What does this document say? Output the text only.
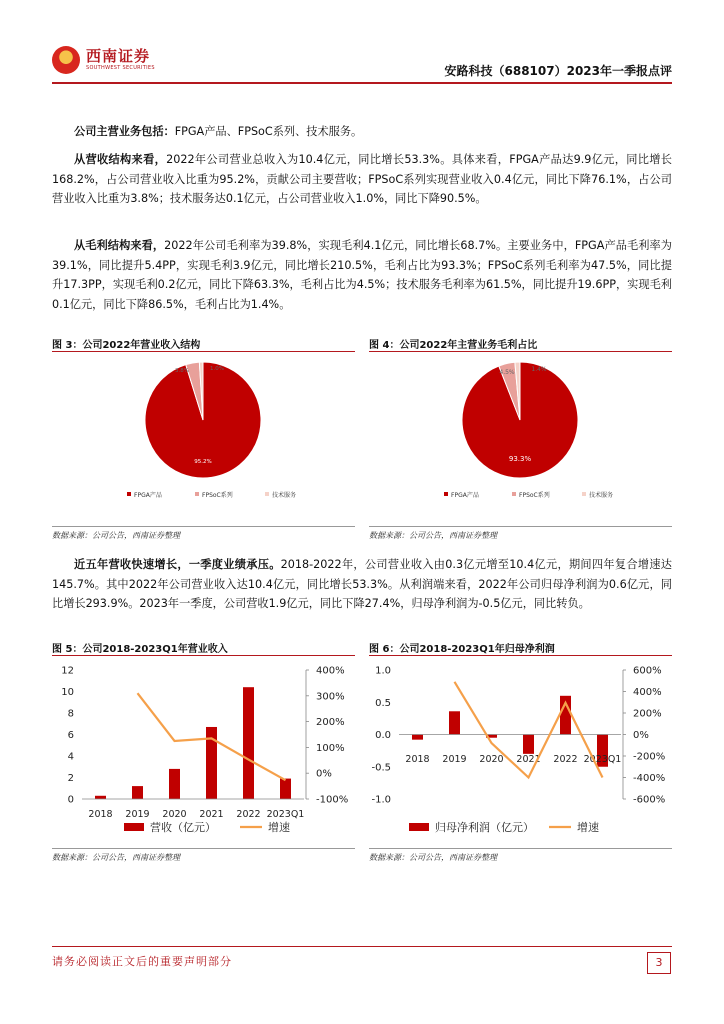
西南证券
SOUTHWEST SECURITIES	安路科技（688107）2023年一季报点评
公司主营业务包括：FPGA产品、FPSoC系列、技术服务。
从营收结构来看，2022年公司营业总收入为10.4亿元，同比增长53.3%。具体来看，FPGA产品达9.9亿元，同比增长168.2%，占公司营业收入比重为95.2%，贡献公司主要营收；FPSoC系列实现营业收入0.4亿元，同比下降76.1%，占公司营业收入比重为3.8%；技术服务达0.1亿元，占公司营业收入1.0%，同比下降90.5%。
从毛利结构来看，2022年公司毛利率为39.8%，实现毛利4.1亿元，同比增长68.7%。主要业务中，FPGA产品毛利率为39.1%，同比提升5.4PP，实现毛利3.9亿元，同比增长210.5%，毛利占比为93.3%；FPSoC系列毛利率为47.5%，同比提升17.3PP，实现毛利0.2亿元，同比下降63.3%，毛利占比为4.5%；技术服务毛利率为61.5%，同比提升19.6PP，实现毛利0.1亿元，同比下降86.5%，毛利占比为1.4%。
图 3：公司2022年营业收入结构	图 4：公司2022年主营业务毛利占比
95.2%
3.8%	1.0%
FPGA产品	FPSoC系列	技术服务
93.3%
4.5%	1.4%
FPGA产品	FPSoC系列	技术服务
数据来源：公司公告，西南证券整理	数据来源：公司公告，西南证券整理
近五年营收快速增长，一季度业绩承压。2018-2022年，公司营业收入由0.3亿元增至10.4亿元，期间四年复合增速达145.7%。其中2022年公司营业收入达10.4亿元，同比增长53.3%。从利润端来看，2022年公司归母净利润为0.6亿元，同比增长293.9%。2023年一季度，公司营收1.9亿元，同比下降27.4%，归母净利润为-0.5亿元，同比转负。
图 5：公司2018-2023Q1年营业收入	图 6：公司2018-2023Q1年归母净利润
0
2
4
6
8
10
12
-100%
0%
100%
200%
300%
400%
2018 2019 2020 2021 2022 2023Q1
营收（亿元）	增速
-1.0
-0.5
0.0
0.5
1.0
-600%
-400%
-200%
0%
200%
400%
600%
2018 2019 2020 2021 2022 2023Q1
归母净利润（亿元）	增速
数据来源：公司公告，西南证券整理	数据来源：公司公告，西南证券整理
请务必阅读正文后的重要声明部分	3
